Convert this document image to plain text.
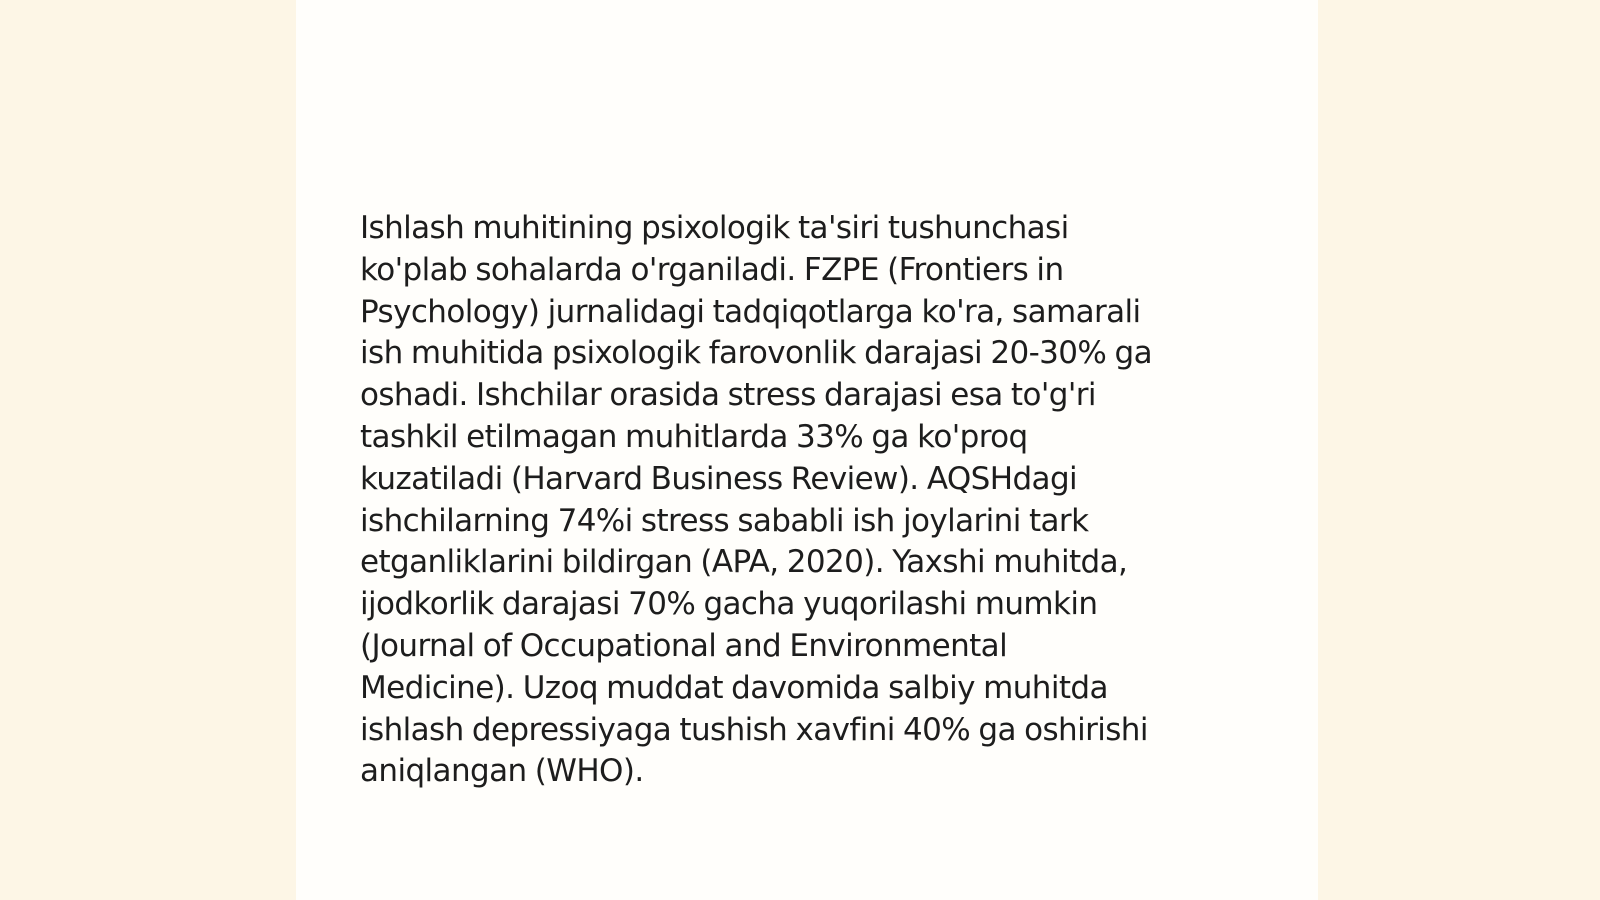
Ishlash muhitining psixologik ta'siri tushunchasi
ko'plab sohalarda o'rganiladi. FZPE (Frontiers in
Psychology) jurnalidagi tadqiqotlarga ko'ra, samarali
ish muhitida psixologik farovonlik darajasi 20-30% ga
oshadi. Ishchilar orasida stress darajasi esa to'g'ri
tashkil etilmagan muhitlarda 33% ga ko'proq
kuzatiladi (Harvard Business Review). AQSHdagi
ishchilarning 74%i stress sababli ish joylarini tark
etganliklarini bildirgan (APA, 2020). Yaxshi muhitda,
ijodkorlik darajasi 70% gacha yuqorilashi mumkin
(Journal of Occupational and Environmental
Medicine). Uzoq muddat davomida salbiy muhitda
ishlash depressiyaga tushish xavfini 40% ga oshirishi
aniqlangan (WHO).
